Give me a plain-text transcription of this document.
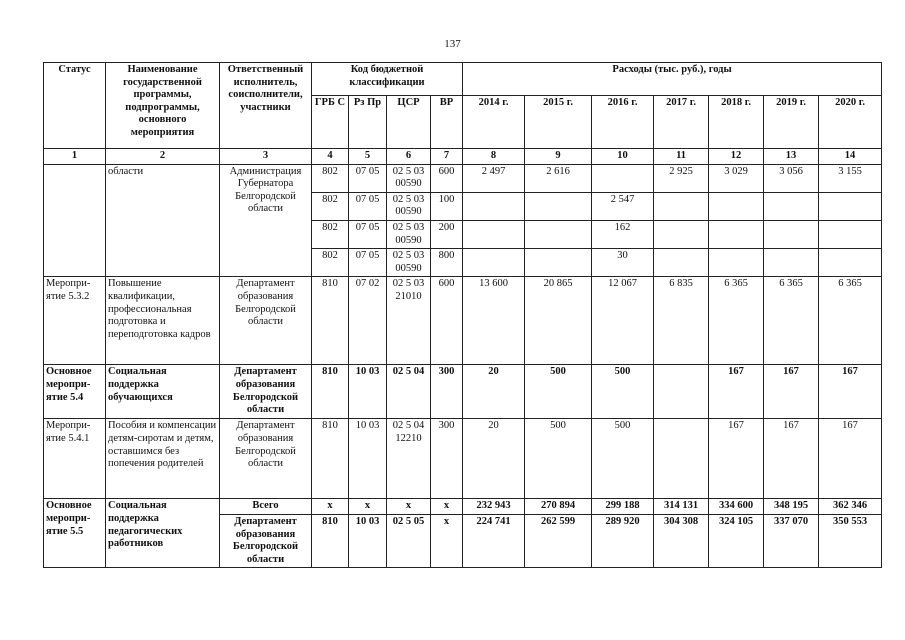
137
Статус	Наименование государственной программы, подпрограммы, основного мероприятия	Ответственный исполнитель, соисполнители, участники	Код бюджетной классификации				Расходы (тыс. руб.), годы						
			ГРБ С	Рз Пр	ЦСР	ВР	2014 г.	2015 г.	2016 г.	2017 г.	2018 г.	2019 г.	2020 г.
1	2	3	4	5	6	7	8	9	10	11	12	13	14
	области	Администрация Губернатора Белгородской области	802	07 05	02 5 03 00590	600	2 497	2 616		2 925	3 029	3 056	3 155
			802	07 05	02 5 03 00590	100			2 547				
			802	07 05	02 5 03 00590	200			162				
			802	07 05	02 5 03 00590	800			30				
Меропри-ятие 5.3.2	Повышение квалификации, профессиональная подготовка и переподготовка кадров	Департамент образования Белгородской области	810	07 02	02 5 03 21010	600	13 600	20 865	12 067	6 835	6 365	6 365	6 365
Основное меропри-ятие 5.4	Социальная поддержка обучающихся	Департамент образования Белгородской области	810	10 03	02 5 04	300	20	500	500		167	167	167
Меропри-ятие 5.4.1	Пособия и компенсации детям-сиротам и детям, оставшимся без попечения родителей	Департамент образования Белгородской области	810	10 03	02 5 04 12210	300	20	500	500		167	167	167
Основное меропри-ятие 5.5	Социальная поддержка педагогических работников	Всего	x	x	x	x	232 943	270 894	299 188	314 131	334 600	348 195	362 346
		Департамент образования Белгородской области	810	10 03	02 5 05	x	224 741	262 599	289 920	304 308	324 105	337 070	350 553
